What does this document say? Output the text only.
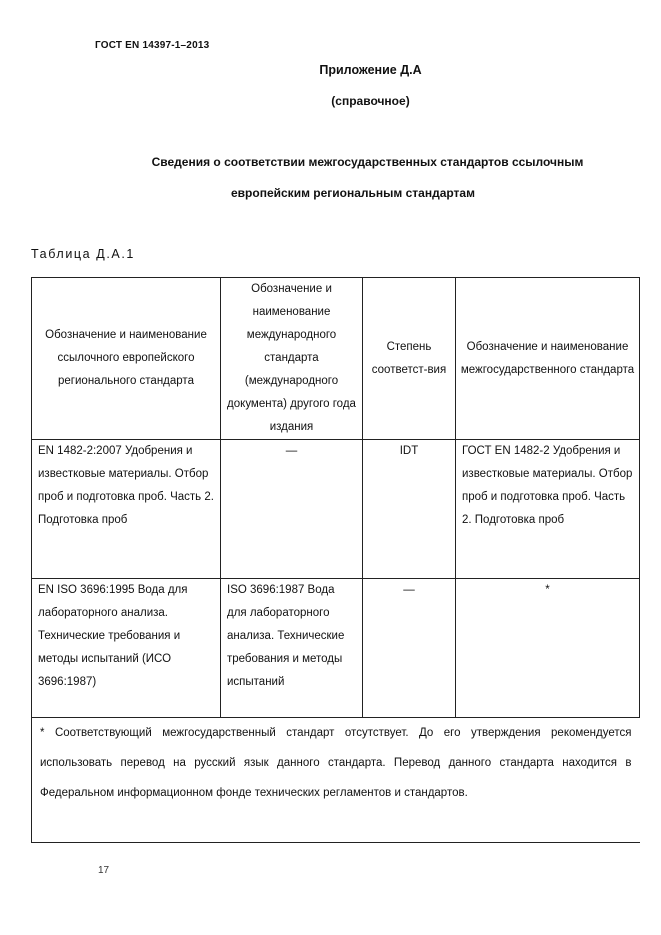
ГОСТ EN 14397-1–2013
Приложение Д.А
(справочное)
Сведения о соответствии межгосударственных стандартов ссылочным
европейским региональным стандартам
Таблица Д.А.1
Обозначение и наименование ссылочного европейского регионального стандарта	Обозначение и наименование международного стандарта (международного документа) другого года издания	Степень соответст-вия	Обозначение и наименование межгосударственного стандарта
EN 1482-2:2007 Удобрения и известковые материалы. Отбор проб и подготовка проб. Часть 2. Подготовка проб	—	IDT	ГОСТ EN 1482-2 Удобрения и известковые материалы. Отбор проб и подготовка проб. Часть 2. Подготовка проб
EN ISO 3696:1995 Вода для лабораторного анализа. Технические требования и методы испытаний (ИСО 3696:1987)	ISO 3696:1987 Вода для лабораторного анализа. Технические требования и методы испытаний	—	*
* Соответствующий межгосударственный стандарт отсутствует. До его утверждения рекомендуется использовать перевод на русский язык данного стандарта. Перевод данного стандарта находится в Федеральном информационном фонде технических регламентов и стандартов.			
17
